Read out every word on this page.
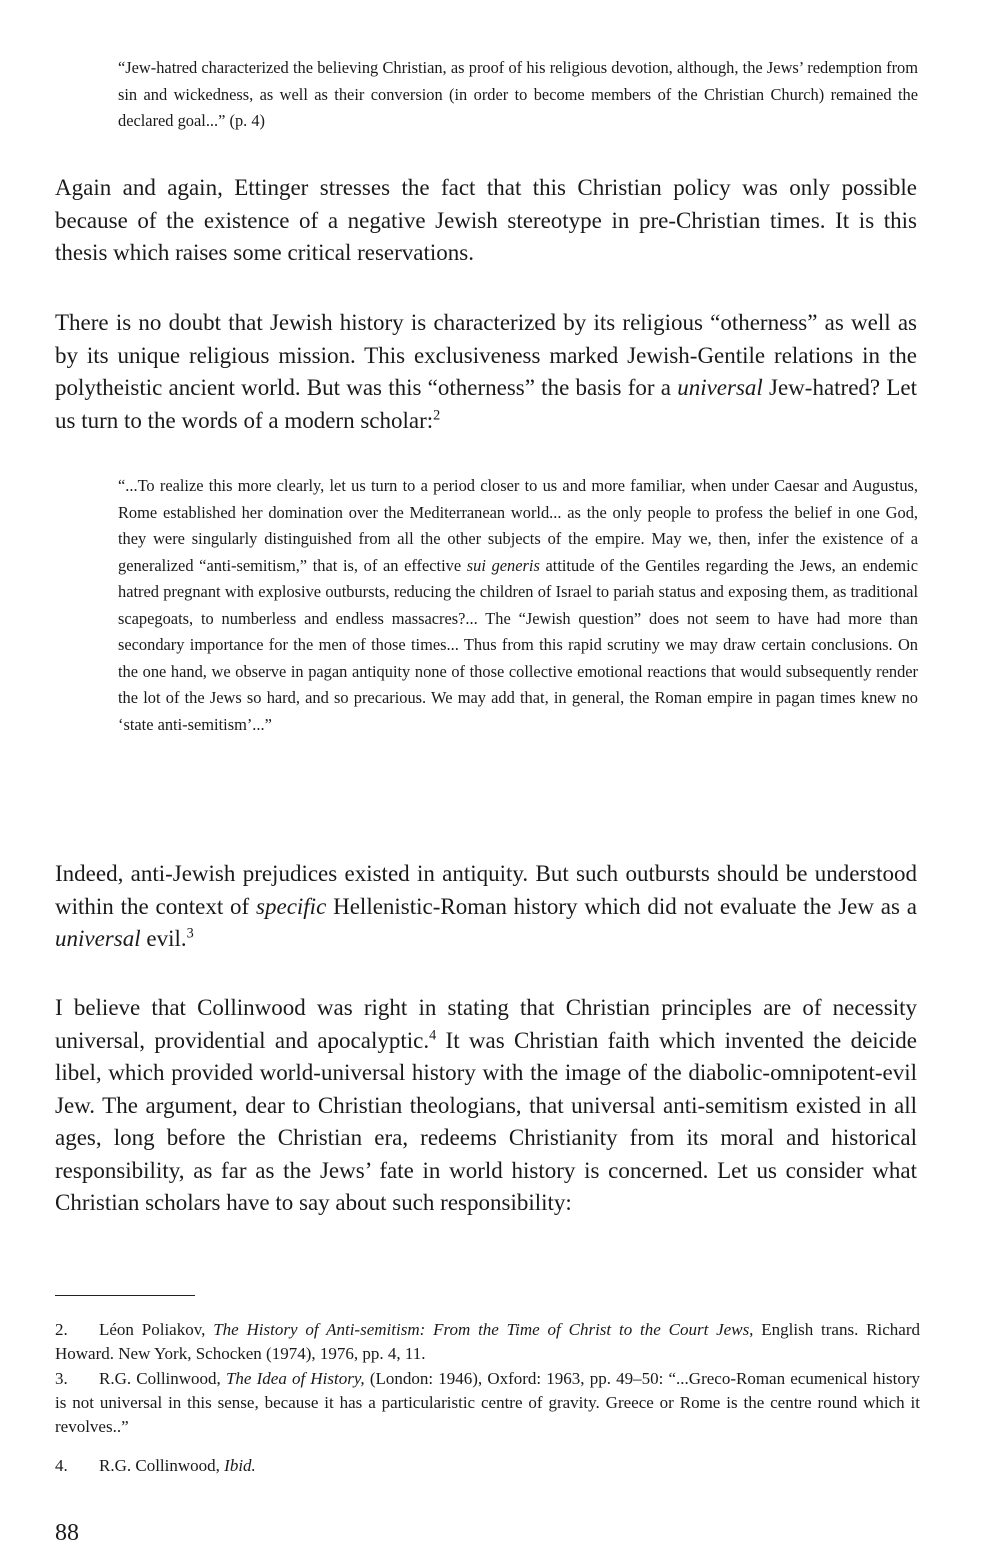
“Jew-hatred characterized the believing Christian, as proof of his religious devotion, although, the Jews’ redemption from sin and wickedness, as well as their conversion (in order to become members of the Christian Church) remained the declared goal...” (p. 4)

Again and again, Ettinger stresses the fact that this Christian policy was only possible because of the existence of a negative Jewish stereotype in pre-Christian times. It is this thesis which raises some critical reservations.

There is no doubt that Jewish history is characterized by its religious “otherness” as well as by its unique religious mission. This exclusiveness marked Jewish-Gentile relations in the polytheistic ancient world. But was this “otherness” the basis for a universal Jew-hatred? Let us turn to the words of a modern scholar:$^2$

“...To realize this more clearly, let us turn to a period closer to us and more familiar, when under Caesar and Augustus, Rome established her domination over the Mediterranean world... as the only people to profess the belief in one God, they were singularly distinguished from all the other subjects of the empire. May we, then, infer the existence of a generalized “anti-semitism,” that is, of an effective sui generis attitude of the Gentiles regarding the Jews, an endemic hatred pregnant with explosive outbursts, reducing the children of Israel to pariah status and exposing them, as traditional scapegoats, to numberless and endless massacres?... The “Jewish question” does not seem to have had more than secondary importance for the men of those times... Thus from this rapid scrutiny we may draw certain conclusions. On the one hand, we observe in pagan antiquity none of those collective emotional reactions that would subsequently render the lot of the Jews so hard, and so precarious. We may add that, in general, the Roman empire in pagan times knew no ‘state anti-semitism’...”

Indeed, anti-Jewish prejudices existed in antiquity. But such outbursts should be understood within the context of specific Hellenistic-Roman history which did not evaluate the Jew as a universal evil.$^3$

I believe that Collinwood was right in stating that Christian principles are of necessity universal, providential and apocalyptic.$^4$ It was Christian faith which invented the deicide libel, which provided world-universal history with the image of the diabolic-omnipotent-evil Jew. The argument, dear to Christian theologians, that universal anti-semitism existed in all ages, long before the Christian era, redeems Christianity from its moral and historical responsibility, as far as the Jews’ fate in world history is concerned. Let us consider what Christian scholars have to say about such responsibility:

2. Léon Poliakov, The History of Anti-semitism: From the Time of Christ to the Court Jews, English trans. Richard Howard. New York, Schocken (1974), 1976, pp. 4, 11.

3. R.G. Collinwood, The Idea of History, (London: 1946), Oxford: 1963, pp. 49–50: “...Greco-Roman ecumenical history is not universal in this sense, because it has a particularistic centre of gravity. Greece or Rome is the centre round which it revolves..”

4. R.G. Collinwood, Ibid.

88
